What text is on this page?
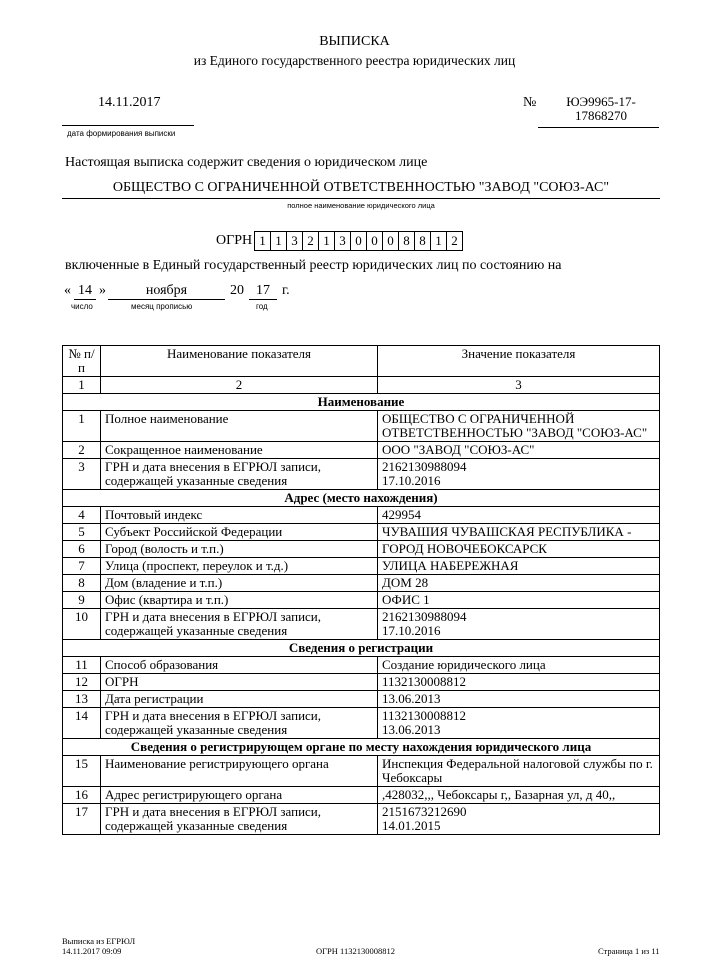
ВЫПИСКА
из Единого государственного реестра юридических лиц
14.11.2017
дата формирования выписки
№	ЮЭ9965-17-
17868270
Настоящая выписка содержит сведения о юридическом лице
ОБЩЕСТВО С ОГРАНИЧЕННОЙ ОТВЕТСТВЕННОСТЬЮ "ЗАВОД "СОЮЗ-АС"
полное наименование юридического лица
ОГРН 1 1 3 2 1 3 0 0 0 8 8 1 2
включенные в Единый государственный реестр юридических лиц по состоянию на
« 14 »	ноября	20 17 г.
число	месяц прописью	год
№ п/п	Наименование показателя	Значение показателя
1	2	3
Наименование		
1	Полное наименование	ОБЩЕСТВО С ОГРАНИЧЕННОЙ ОТВЕТСТВЕННОСТЬЮ "ЗАВОД "СОЮЗ-АС"
2	Сокращенное наименование	ООО "ЗАВОД "СОЮЗ-АС"
3	ГРН и дата внесения в ЕГРЮЛ записи, содержащей указанные сведения	2162130988094
17.10.2016
Адрес (место нахождения)		
4	Почтовый индекс	429954
5	Субъект Российской Федерации	ЧУВАШИЯ ЧУВАШСКАЯ РЕСПУБЛИКА -
6	Город (волость и т.п.)	ГОРОД НОВОЧЕБОКСАРСК
7	Улица (проспект, переулок и т.д.)	УЛИЦА НАБЕРЕЖНАЯ
8	Дом (владение и т.п.)	ДОМ 28
9	Офис (квартира и т.п.)	ОФИС 1
10	ГРН и дата внесения в ЕГРЮЛ записи, содержащей указанные сведения	2162130988094
17.10.2016
Сведения о регистрации		
11	Способ образования	Создание юридического лица
12	ОГРН	1132130008812
13	Дата регистрации	13.06.2013
14	ГРН и дата внесения в ЕГРЮЛ записи, содержащей указанные сведения	1132130008812
13.06.2013
Сведения о регистрирующем органе по месту нахождения юридического лица		
15	Наименование регистрирующего органа	Инспекция Федеральной налоговой службы по г. Чебоксары
16	Адрес регистрирующего органа	,428032,,, Чебоксары г,, Базарная ул, д 40,,
17	ГРН и дата внесения в ЕГРЮЛ записи, содержащей указанные сведения	2151673212690
14.01.2015
Выписка из ЕГРЮЛ
14.11.2017 09:09	ОГРН 1132130008812	Страница 1 из 11
